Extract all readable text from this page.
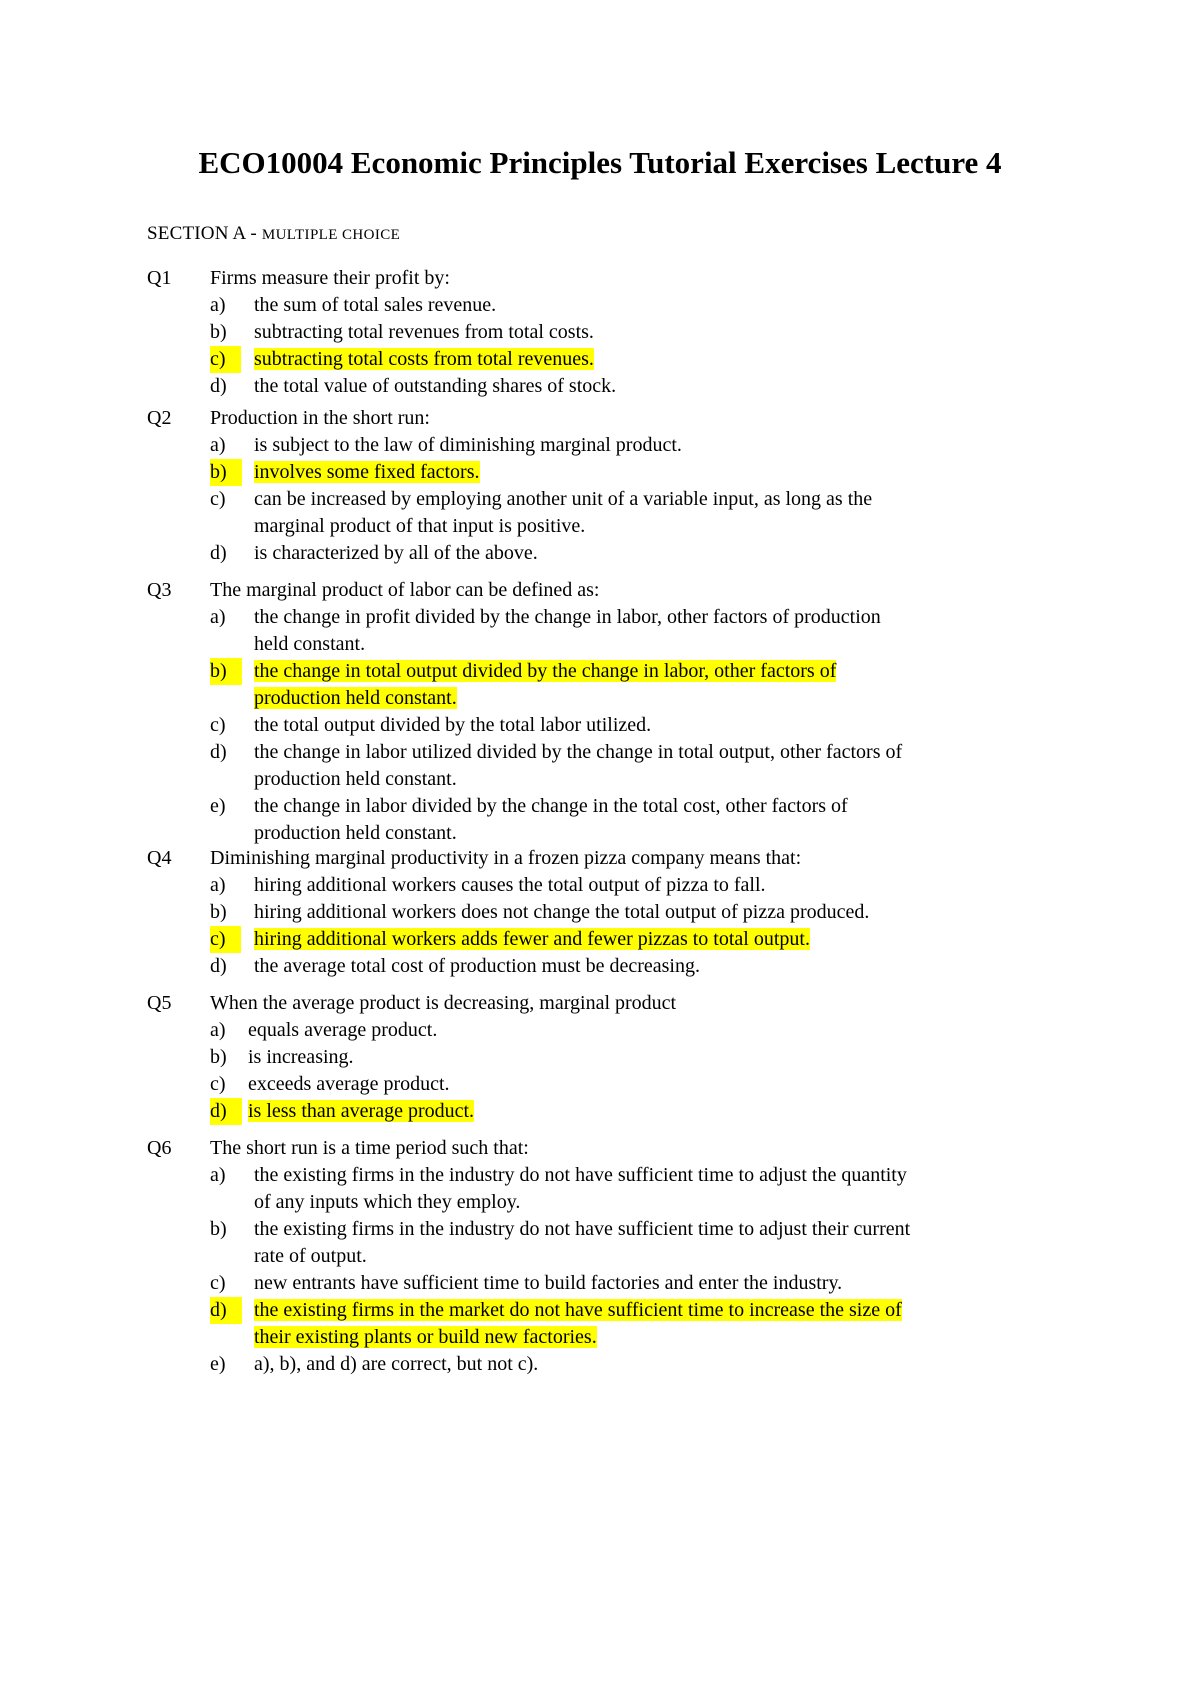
ECO10004 Economic Principles Tutorial Exercises Lecture 4
SECTION A - MULTIPLE CHOICE
Q1	Firms measure their profit by:
a) the sum of total sales revenue.
b) subtracting total revenues from total costs.
c)	subtracting total costs from total revenues.
d) the total value of outstanding shares of stock.
Q2	Production in the short run:
a) is subject to the law of diminishing marginal product.
b)	involves some fixed factors.
c) can be increased by employing another unit of a variable input, as long as the
marginal product of that input is positive.
d) is characterized by all of the above.
Q3	The marginal product of labor can be defined as:
a) the change in profit divided by the change in labor, other factors of production
held constant.
b)	the change in total output divided by the change in labor, other factors of
production held constant.
c) the total output divided by the total labor utilized.
d) the change in labor utilized divided by the change in total output, other factors of
production held constant.
e) the change in labor divided by the change in the total cost, other factors of
production held constant.
Q4	Diminishing marginal productivity in a frozen pizza company means that:
a) hiring additional workers causes the total output of pizza to fall.
b) hiring additional workers does not change the total output of pizza produced.
c)	hiring additional workers adds fewer and fewer pizzas to total output.
d) the average total cost of production must be decreasing.
Q5	When the average product is decreasing, marginal product
a) equals average product.
b) is increasing.
c) exceeds average product.
d)	is less than average product.
Q6	The short run is a time period such that:
a) the existing firms in the industry do not have sufficient time to adjust the quantity
of any inputs which they employ.
b) the existing firms in the industry do not have sufficient time to adjust their current
rate of output.
c) new entrants have sufficient time to build factories and enter the industry.
d)	the existing firms in the market do not have sufficient time to increase the size of
their existing plants or build new factories.
e) a), b), and d) are correct, but not c).
